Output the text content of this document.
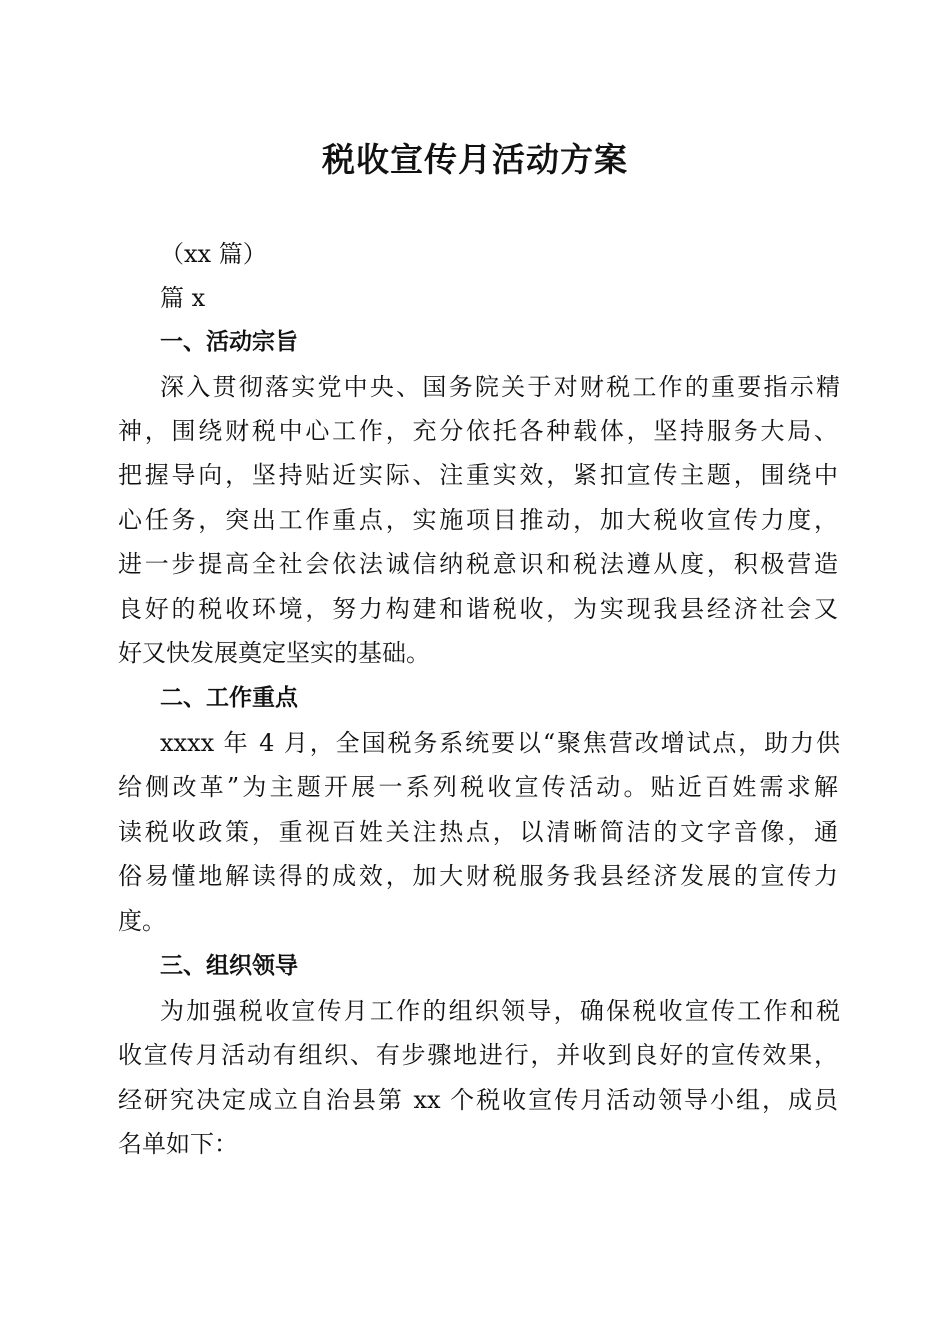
税收宣传月活动方案

（xx 篇）

篇 x

一、活动宗旨

深入贯彻落实党中央、国务院关于对财税工作的重要指示精

神，围绕财税中心工作，充分依托各种载体，坚持服务大局、

把握导向，坚持贴近实际、注重实效，紧扣宣传主题，围绕中

心任务，突出工作重点，实施项目推动，加大税收宣传力度，

进一步提高全社会依法诚信纳税意识和税法遵从度，积极营造

良好的税收环境，努力构建和谐税收，为实现我县经济社会又

好又快发展奠定坚实的基础。

二、工作重点

xxxx 年 4 月，全国税务系统要以“聚焦营改增试点，助力供

给侧改革”为主题开展一系列税收宣传活动。贴近百姓需求解

读税收政策，重视百姓关注热点，以清晰简洁的文字音像，通

俗易懂地解读得的成效，加大财税服务我县经济发展的宣传力

度。

三、组织领导

为加强税收宣传月工作的组织领导，确保税收宣传工作和税

收宣传月活动有组织、有步骤地进行，并收到良好的宣传效果，

经研究决定成立自治县第 xx 个税收宣传月活动领导小组，成员

名单如下：
